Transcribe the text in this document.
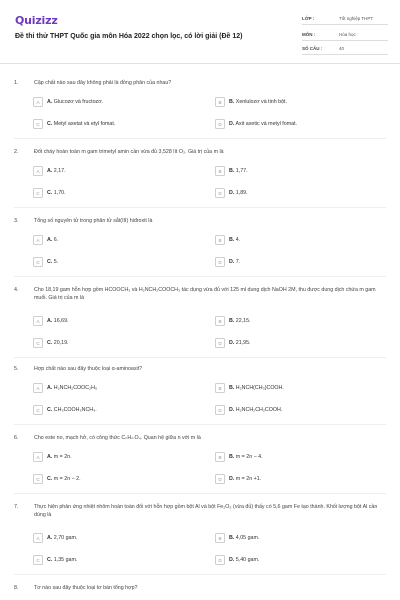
Quizizz
Đề thi thử THPT Quốc gia môn Hóa 2022 chọn lọc, có lời giải (Đề 12)
LỚP :	Tốt nghiệp THPT
MÔN :	Hóa học
SỐ CÂU :	40
1.	Cặp chất nào sau đây không phải là đồng phân của nhau?
A	A. Glucozơ và fructozơ.	B	B. Xenlulozơ và tinh bột.
C	C. Metyl axetat và etyl fomat.	D	D. Axit axetic và metyl fomat.
2.	Đốt cháy hoàn toàn m gam trimetyl amin cần vừa đủ 3,528 lít O₂. Giá trị của m là
A	A. 2,17.	B	B. 1,77.
C	C. 1,70.	D	D. 1,89.
3.	Tổng số nguyên tử trong phân tử sắt(III) hiđroxit là
A	A. 6.	B	B. 4.
C	C. 5.	D	D. 7.
4.	Cho 18,19 gam hỗn hợp gồm HCOOCH₃ và H₂NCH₂COOCH₃ tác dụng vừa đủ với 125 ml dung dịch NaOH 2M, thu được dung dịch chứa m gam muối. Giá trị của m là
A	A. 16,69.	B	B. 22,15.
C	C. 20,19.	D	D. 21,95.
5.	Hợp chất nào sau đây thuộc loại α-aminoaxit?
A	A. H₂NCH₂COOC₂H₅	B	B. H₂NCH(CH₃)COOH.
C	C. CH₃COOH₃NCH₃.	D	D. H₂NCH₂CH₂COOH.
6.	Cho este no, mạch hở, có công thức CₙHₘO₄. Quan hệ giữa n với m là
A	A. m = 2n.	B	B. m = 2n − 4.
C	C. m = 2n − 2.	D	D. m = 2n +1.
7.	Thực hiện phản ứng nhiệt nhôm hoàn toàn đối với hỗn hợp gồm bột Al và bột Fe₂O₃ (vừa đủ) thấy có 5,6 gam Fe tạo thành. Khối lượng bột Al cần dùng là
A	A. 2,70 gam.	B	B. 4,05 gam.
C	C. 1,35 gam.	D	D. 5,40 gam.
8.	Tơ nào sau đây thuộc loại tơ bán tổng hợp?
